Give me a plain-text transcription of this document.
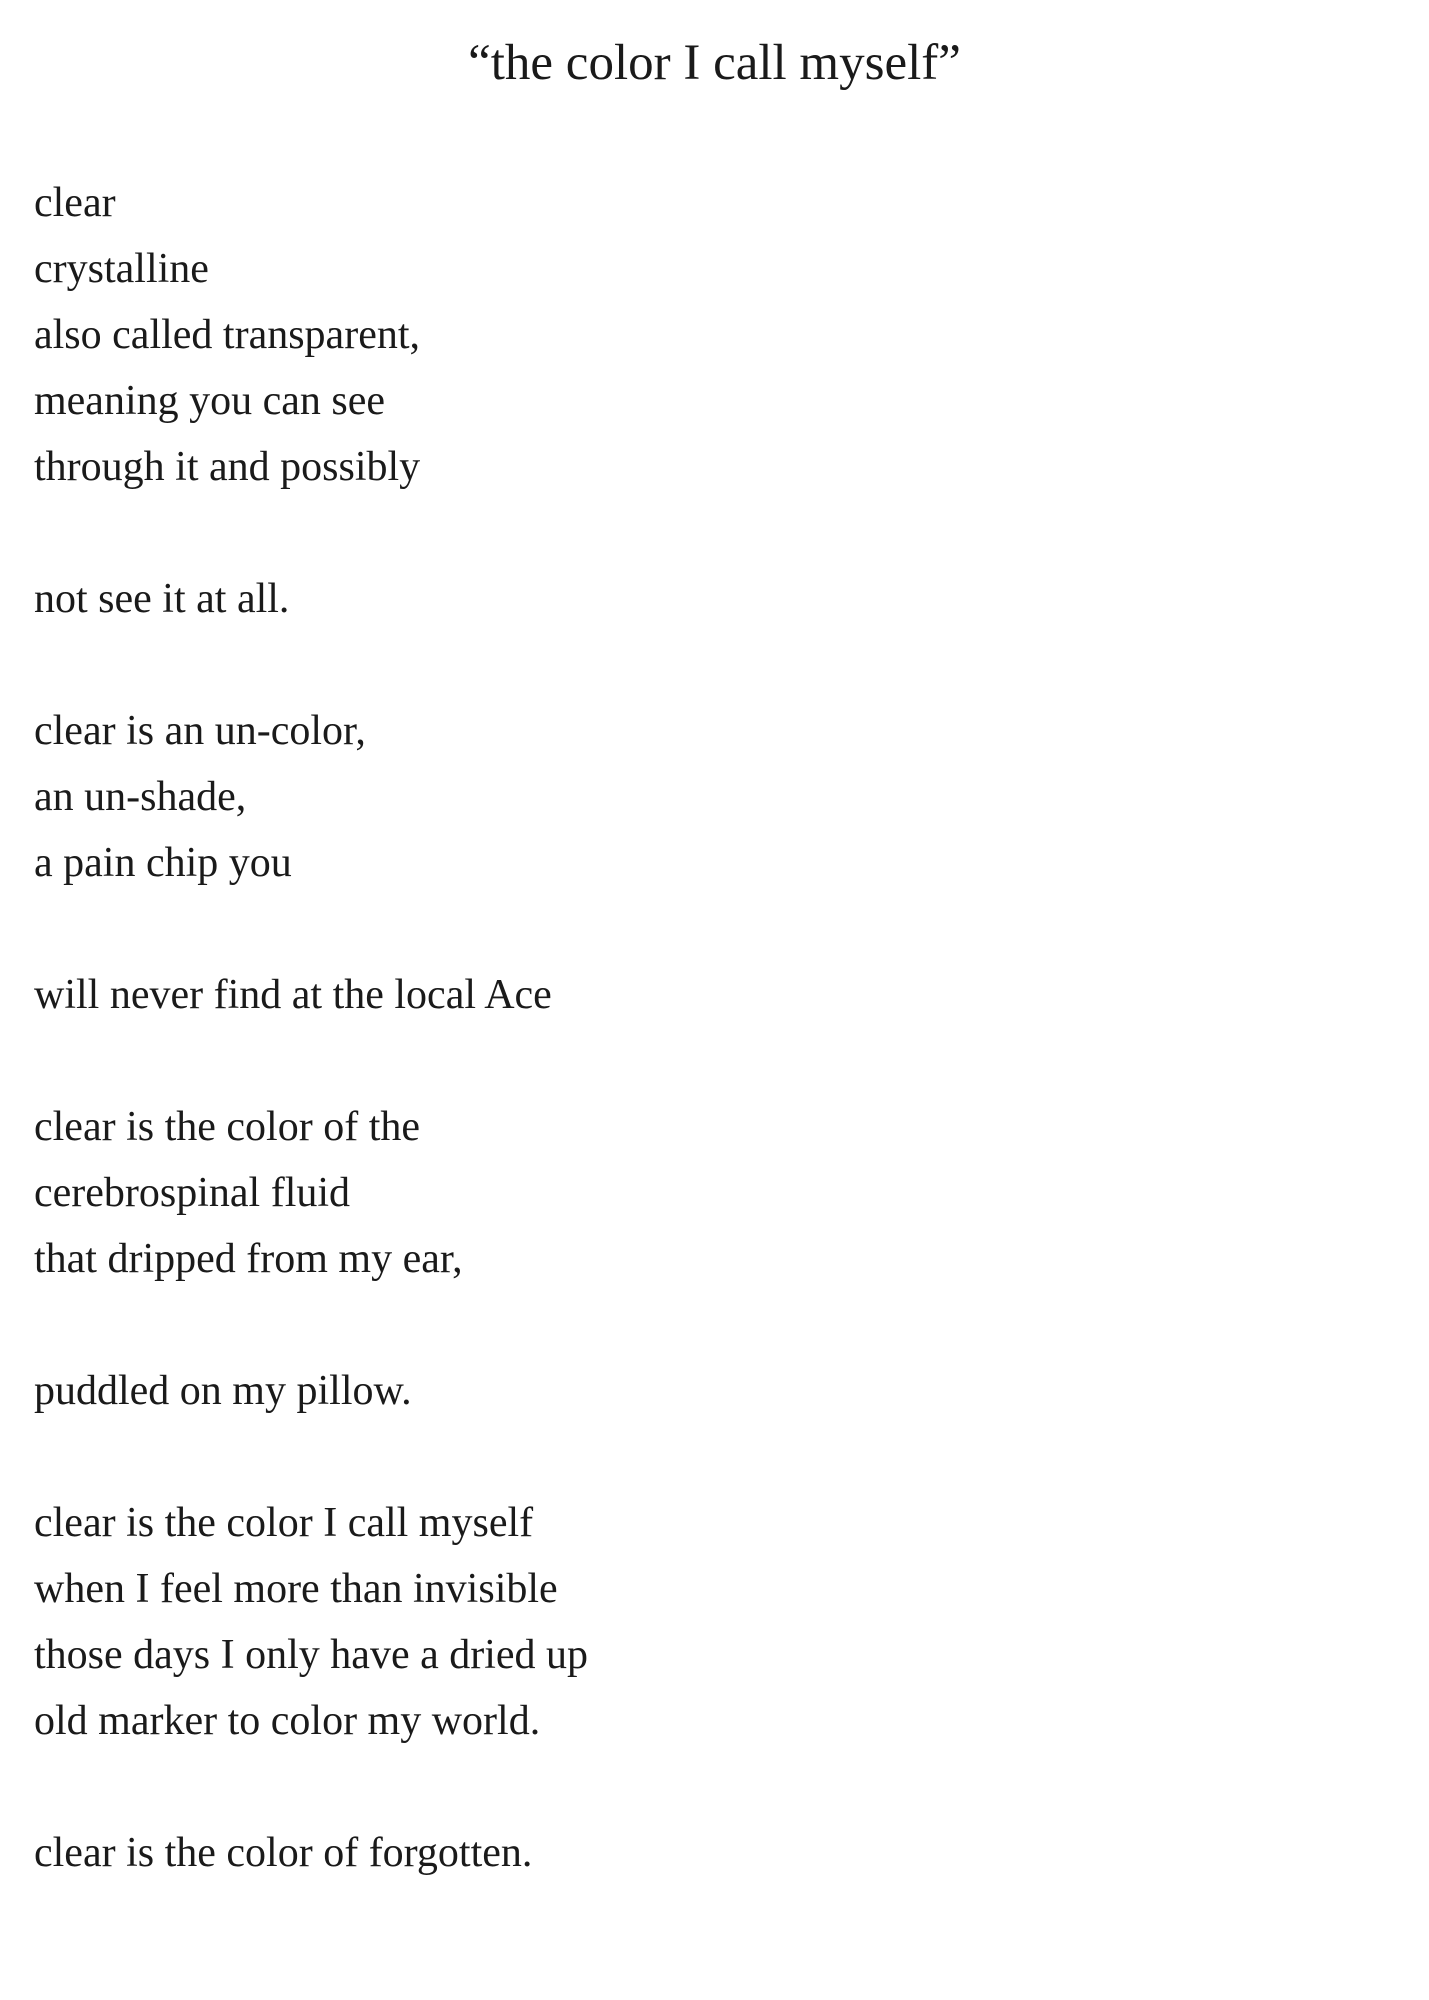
“the color I call myself”
clear
crystalline
also called transparent,
meaning you can see
through it and possibly
not see it at all.
clear is an un-color,
an un-shade,
a pain chip you
will never find at the local Ace
clear is the color of the
cerebrospinal fluid
that dripped from my ear,
puddled on my pillow.
clear is the color I call myself
when I feel more than invisible
those days I only have a dried up
old marker to color my world.
clear is the color of forgotten.
